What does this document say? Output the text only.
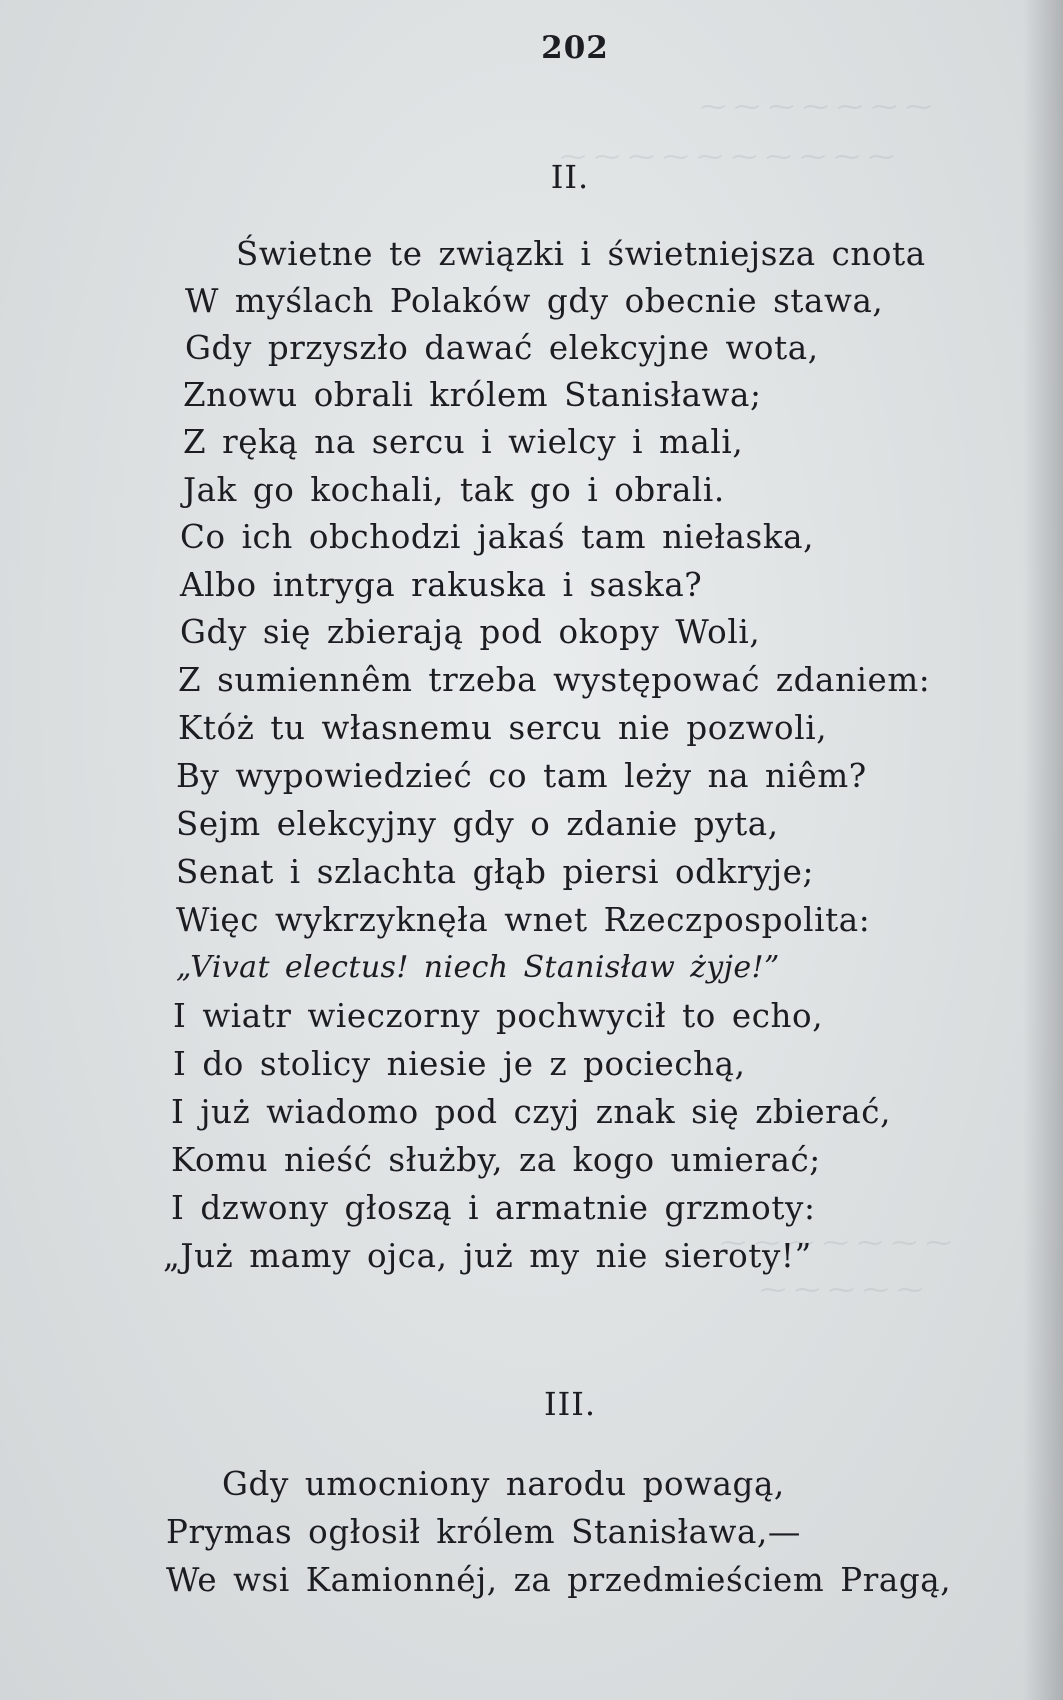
⁓ ⁓ ⁓ ⁓ ⁓ ⁓ ⁓
⁓ ⁓ ⁓ ⁓ ⁓ ⁓ ⁓ ⁓ ⁓ ⁓
⁓ ⁓ ⁓ ⁓ ⁓ ⁓ ⁓
⁓ ⁓ ⁓ ⁓ ⁓
202
II.
Świetne te związki i świetniejsza cnota
W myślach Polaków gdy obecnie stawa,
Gdy przyszło dawać elekcyjne wota,
Znowu obrali królem Stanisława;
Z ręką na sercu i wielcy i mali,
Jak go kochali, tak go i obrali.
Co ich obchodzi jakaś tam niełaska,
Albo intryga rakuska i saska?
Gdy się zbierają pod okopy Woli,
Z sumiennêm trzeba występować zdaniem:
Któż tu własnemu sercu nie pozwoli,
By wypowiedzieć co tam leży na niêm?
Sejm elekcyjny gdy o zdanie pyta,
Senat i szlachta głąb piersi odkryje;
Więc wykrzyknęła wnet Rzeczpospolita:
„Vivat electus! niech Stanisław żyje!”
I wiatr wieczorny pochwycił to echo,
I do stolicy niesie je z pociechą,
I już wiadomo pod czyj znak się zbierać,
Komu nieść służby, za kogo umierać;
I dzwony głoszą i armatnie grzmoty:
„Już mamy ojca, już my nie sieroty!”
III.
Gdy umocniony narodu powagą,
Prymas ogłosił królem Stanisława,—
We wsi Kamionnéj, za przedmieściem Pragą,
